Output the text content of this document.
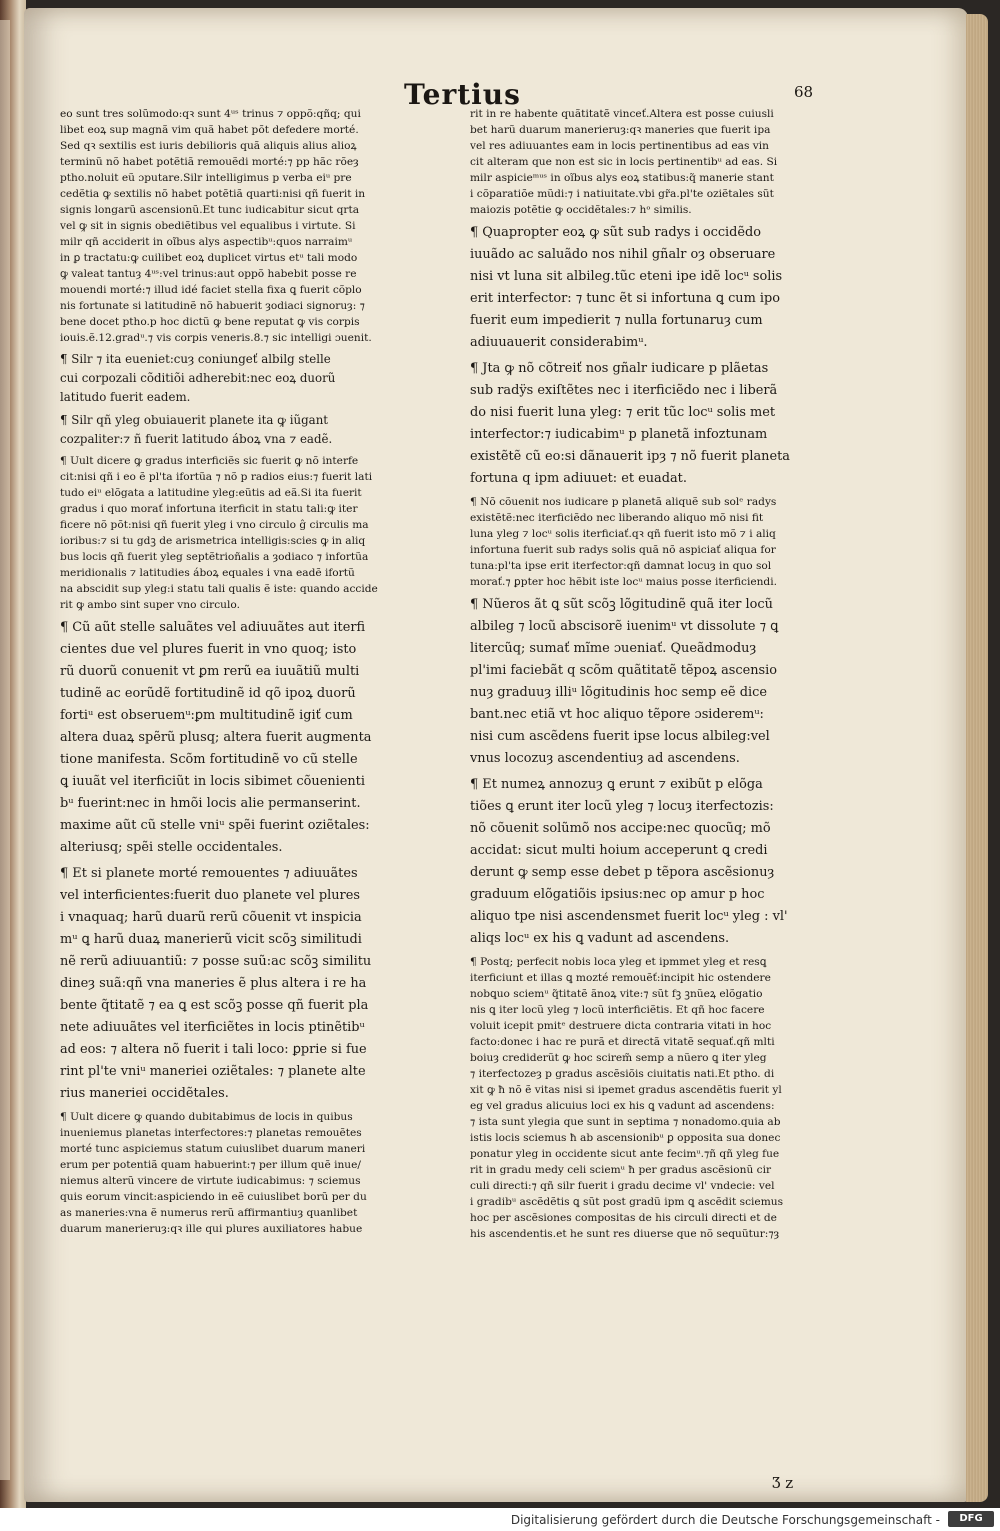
Tertius	68
eo sunt tres solũmodo:qꝛ sunt 4ᵘˢ trinus ⁊ oppõ:qñq; qui
libet eoꝝ sup magnã vim quã habet põt defedere morté.
Sed qꝛ sextilis est iuris debilioris quã aliquis alius alioꝝ
terminũ nõ habet potẽtiã remouẽdi morté:⁊ pp hãc rõeȝ
ptho.noluit eũ ɔputare.Silr intelligimus p verba eiᵘ pre
cedẽtia ꝙ sextilis nõ habet potẽtiã quarti:nisi qñ fuerit in
signis longarũ ascensionũ.Et tunc iudicabitur sicut qrta
vel ꝙ sit in signis obediẽtibus vel equalibus i virtute. Si
milr qñ acciderit in oĩbus alys aspectibᵘ:quos narraimᵘ
in ꝑ tractatu:ꝙ cuilibet eoꝝ duplicet virtus etᵘ tali modo
ꝙ valeat tantuȝ 4ᵘˢ:vel trinus:aut oppõ habebit posse re
mouendi morté:⁊ illud idé faciet stella fixa ꝗ fuerit cõplo
nis fortunate si latitudinẽ nõ habuerit ȝodiaci signoruȝ: ⁊
bene docet ptho.p hoc dictũ ꝙ bene reputat ꝙ vis corpis
iouis.ẽ.12.gradᵘ.⁊ vis corpis veneris.8.⁊ sic intelligi ɔuenit.
¶ Silr ⁊ ita eueniet:cuȝ coniungeť albilg stelle
cui corpozali cõditiõi adherebit:nec eoꝝ duorũ
latitudo fuerit eadem.
¶ Silr qñ yleg obuiauerit planete ita ꝙ iũgant
cozpaliter:⁊ ñ fuerit latitudo áboꝝ vna ⁊ eadẽ.
¶ Uult dicere ꝙ gradus interficiẽs sic fuerit ꝙ nõ interfe
cit:nisi qñ i eo ẽ pl'ta ifortũa ⁊ nõ p radios eius:⁊ fuerit lati
tudo eiᵘ elõgata a latitudine yleg:eũtis ad eã.Si ita fuerit
gradus i quo morať infortuna iterficit in statu tali:ꝙ iter
ficere nõ põt:nisi qñ fuerit yleg i vno circulo ĝ circulis ma
ioribus:⁊ si tu gdꝫ de arismetrica intelligis:scies ꝙ in aliq
bus locis qñ fuerit yleg septẽtrioñalis a ȝodiaco ⁊ infortũa
meridionalis ⁊ latitudies áboꝝ equales i vna eadẽ ifortũ
na abscidit sup yleg:i statu tali qualis ẽ iste: quando accide
rit ꝙ ambo sint super vno circulo.
¶ Cũ aũt stelle saluãtes vel adiuuãtes aut iterfi
cientes due vel plures fuerit in vno quoq; isto
rũ duorũ conuenit vt ꝑm rerũ ea iuuãtiũ multi
tudinẽ ac eorũdẽ fortitudinẽ id qõ ipoꝝ duorũ
fortiᵘ est obseruemᵘ:ꝑm multitudinẽ igiť cum
altera duaꝝ spẽrũ plusq; altera fuerit augmenta
tione manifesta. Scõm fortitudinẽ vo cũ stelle
ꝗ iuuãt vel iterficiũt in locis sibimet cõuenienti
bᵘ fuerint:nec in hmõi locis alie permanserint.
maxime aũt cũ stelle vniᵘ spẽi fuerint oziẽtales:
alteriusq; spẽi stelle occidentales.
¶ Et si planete morté remouentes ⁊ adiuuãtes
vel interficientes:fuerit duo planete vel plures
i vnaquaq; harũ duarũ rerũ cõuenit vt inspicia
mᵘ ꝗ harũ duaꝝ manerierũ vicit scõꝫ similitudi
nẽ rerũ adiuuantiũ: ⁊ posse suũ:ac scõꝫ similitu
dineȝ suã:qñ vna maneries ẽ plus altera i re ha
bente q̃titatẽ ⁊ ea ꝗ est scõꝫ posse qñ fuerit pla
nete adiuuãtes vel iterficiẽtes in locis ptinẽtibᵘ
ad eos: ⁊ altera nõ fuerit i tali loco: ꝑprie si fue
rint pl'te vniᵘ maneriei oziẽtales: ⁊ planete alte
rius maneriei occidẽtales.
¶ Uult dicere ꝙ quando dubitabimus de locis in quibus
inueniemus planetas interfectores:⁊ planetas remouẽtes
morté tunc aspiciemus statum cuiuslibet duarum maneri
erum per potentiã quam habuerint:⁊ per illum quẽ inue/
niemus alterũ vincere de virtute iudicabimus: ⁊ sciemus
quis eorum vincit:aspiciendo in eẽ cuiuslibet borũ per du
as maneries:vna ẽ numerus rerũ affirmantiuȝ quanlibet
duarum manerieruȝ:qꝛ ille qui plures auxiliatores habue
rit in re habente quãtitatẽ vinceť.Altera est posse cuiusli
bet harũ duarum manerieruȝ:qꝛ maneries que fuerit ipa
vel res adiuuantes eam in locis pertinentibus ad eas vin
cit alteram que non est sic in locis pertinentibᵘ ad eas. Si
milr aspicieᵐᵘˢ in oĩbus alys eoꝝ statibus:q̃ manerie stant
i cõparatiõe mũdi:⁊ i natiuitate.vbi gr̃a.pl'te oziẽtales sũt
maiozis potẽtie ꝙ occidẽtales:⁊ hᵒ similis.
¶ Quapropter eoꝝ ꝙ sũt sub radys i occidẽdo
iuuãdo ac saluãdo nos nihil gñalr oȝ obseruare
nisi vt luna sit albileg.tũc eteni ipe idẽ locᵘ solis
erit interfector: ⁊ tunc ẽt si infortuna ꝗ cum ipo
fuerit eum impedierit ⁊ nulla fortunaruȝ cum
adiuuauerit considerabimᵘ.
¶ Jta ꝙ nõ cõtreiť nos gñalr iudicare p plãetas
sub radÿs exiſtẽtes nec i iterficiẽdo nec i liberã
do nisi fuerit luna yleg: ⁊ erit tũc locᵘ solis met
interfector:⁊ iudicabimᵘ p planetã infoztunam
existẽtẽ cũ eo:si dãnauerit ipȝ ⁊ nõ fuerit planeta
fortuna q ipm adiuuet: et euadat.
¶ Nõ cõuenit nos iudicare p planetã aliquẽ sub solᵉ radys
existẽtẽ:nec iterficiẽdo nec liberando aliquo mõ nisi fit
luna yleg ⁊ locᵘ solis iterficiať.qꝛ qñ fuerit isto mõ ⁊ i aliq
infortuna fuerit sub radys solis quã nõ aspiciať aliqua for
tuna:pl'ta ipse erit iterfector:qñ damnat locuȝ in quo sol
morať.⁊ ꝑpter hoc hẽbit iste locᵘ maius posse iterficiendi.
¶ Nũeros ãt ꝗ sũt scõꝫ lõgitudinẽ quã iter locũ
albileg ⁊ locũ abscisorẽ iuenimᵘ vt dissolute ⁊ ꝗ
litercũq; sumať mĩme ɔueniať. Queãdmoduȝ
pl'imi faciebãt q scõm quãtitatẽ tẽpoꝝ ascensio
nuȝ graduuȝ illiᵘ lõgitudinis hoc semp eẽ dice
bant.nec etiã vt hoc aliquo tẽpore ɔsideremᵘ:
nisi cum ascẽdens fuerit ipse locus albileg:vel
vnus locozuȝ ascendentiuȝ ad ascendens.
¶ Et numeꝝ annozuȝ ꝗ erunt ⁊ exibũt p elõga
tiões ꝗ erunt iter locũ yleg ⁊ locuȝ iterfectozis:
nõ cõuenit solũmõ nos accipe:nec quocũq; mõ
accidat: sicut multi hoium acceperunt ꝗ credi
derunt ꝙ semp esse debet p tẽpora ascẽsionuȝ
graduum elõgatiõis ipsius:nec op amur p hoc
aliquo tpe nisi ascendensmet fuerit locᵘ yleg : vl'
aliqs locᵘ ex his ꝗ vadunt ad ascendens.
¶ Postq; perfecit nobis loca yleg et ipmmet yleg et resꝗ
iterficiunt et illas ꝗ mozté remouẽť:incipit hic ostendere
nobꝗuo sciemᵘ q̃titatẽ ãnoꝝ vite:⁊ sũt fꝫ ꝫnũeꝝ elõgatio
nis ꝗ iter locũ yleg ⁊ locũ interficiẽtis. Et qñ hoc facere
voluit icepit pmitᵉ destruere dicta contraria vitati in hoc
facto:donec i hac re purã et directã vitatẽ sequať.qñ mlti
boiuȝ crediderũt ꝙ hoc scirem̃ semp a nũero ꝗ iter yleg
⁊ iterfectozeȝ p gradus ascẽsiõis ciuitatis nati.Et ptho. di
xit ꝙ ħ nõ ẽ vitas nisi si ipemet gradus ascendẽtis fuerit yl
eg vel gradus alicuius loci ex his ꝗ vadunt ad ascendens:
⁊ ista sunt ylegia que sunt in septima ⁊ nonadomo.quia ab
istis locis sciemus ħ ab ascensionibᵘ ꝑ opposita sua donec
ponatur yleg in occidente sicut ante fecimᵘ.⁊ñ qñ yleg fue
rit in gradu medy celi sciemᵘ ħ per gradus ascẽsionũ cir
culi directi:⁊ qñ silr fuerit i gradu decime vl' vndecie: vel
i gradibᵘ ascẽdẽtis ꝗ sũt post gradũ ipm ꝗ ascẽdit sciemus
hoc per ascẽsiones compositas de his circuli directi et de
his ascendentis.et he sunt res diuerse que nõ sequũtur:⁊ȝ
Ʒ z
Digitalisierung gefördert durch die Deutsche Forschungsgemeinschaft -	DFG
